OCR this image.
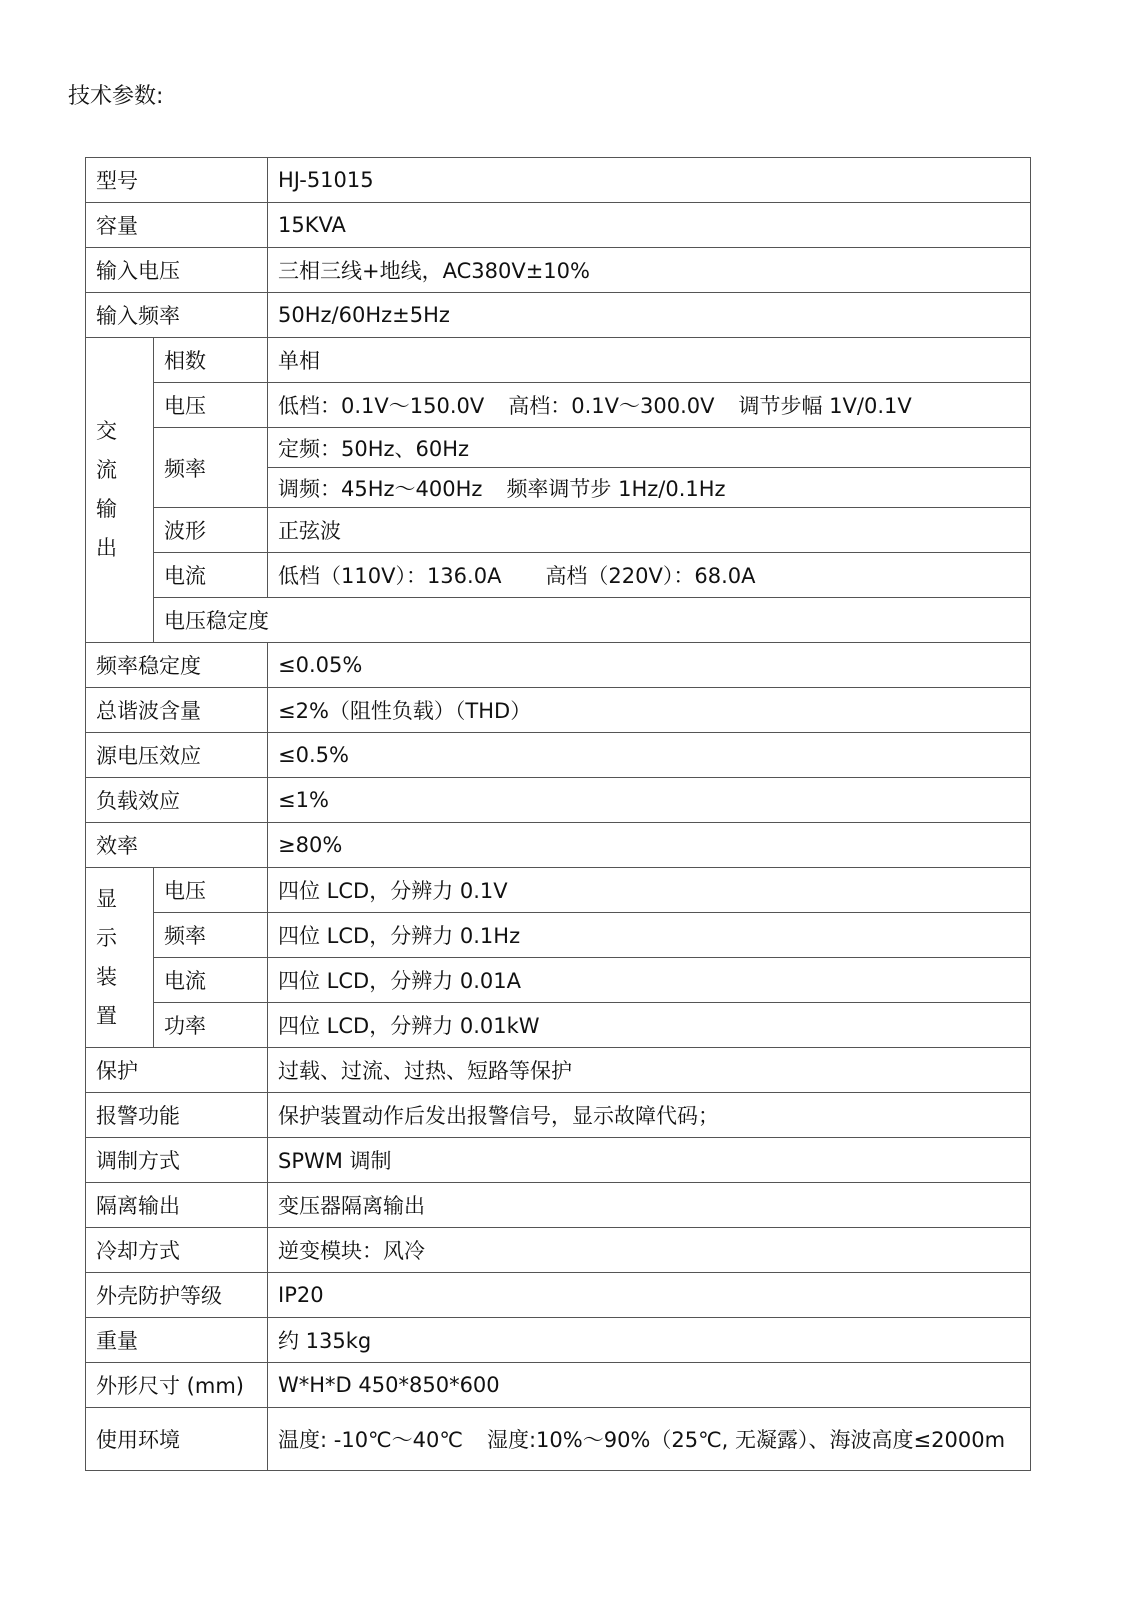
技术参数:
型号		HJ-51015	
容量		15KVA	
输入电压		三相三线+地线，AC380V±10%	
输入频率		50Hz/60Hz±5Hz	

交
流
输
出	相数	单相	
	电压	低档：0.1V～150.0V 高档：0.1V～300.0V 调节步幅 1V/0.1V	
	频率	定频：50Hz、60Hz	
		调频：45Hz～400Hz 频率调节步 1Hz/0.1Hz	
	波形	正弦波	
	电流	低档（110V）：136.0A 高档（220V）：68.0A	
	电压稳定度	
频率稳定度		≤0.05%	
总谐波含量		≤2%（阻性负载）（THD）	
源电压效应		≤0.5%	
负载效应		≤1%	
效率		≥80%	

显
示
装
置	电压	四位 LCD，分辨力 0.1V	
	频率	四位 LCD，分辨力 0.1Hz	
	电流	四位 LCD，分辨力 0.01A	
	功率	四位 LCD，分辨力 0.01kW	
保护		过载、过流、过热、短路等保护	
报警功能		保护装置动作后发出报警信号，显示故障代码；	
调制方式		SPWM 调制	
隔离输出		变压器隔离输出	
冷却方式		逆变模块：风冷	
外壳防护等级		IP20	
重量		约 135kg	
外形尺寸 (mm)		W*H*D 450*850*600	
使用环境		温度: -10℃～40℃ 湿度:10%～90%（25℃, 无凝露）、海波高度≤2000m	
